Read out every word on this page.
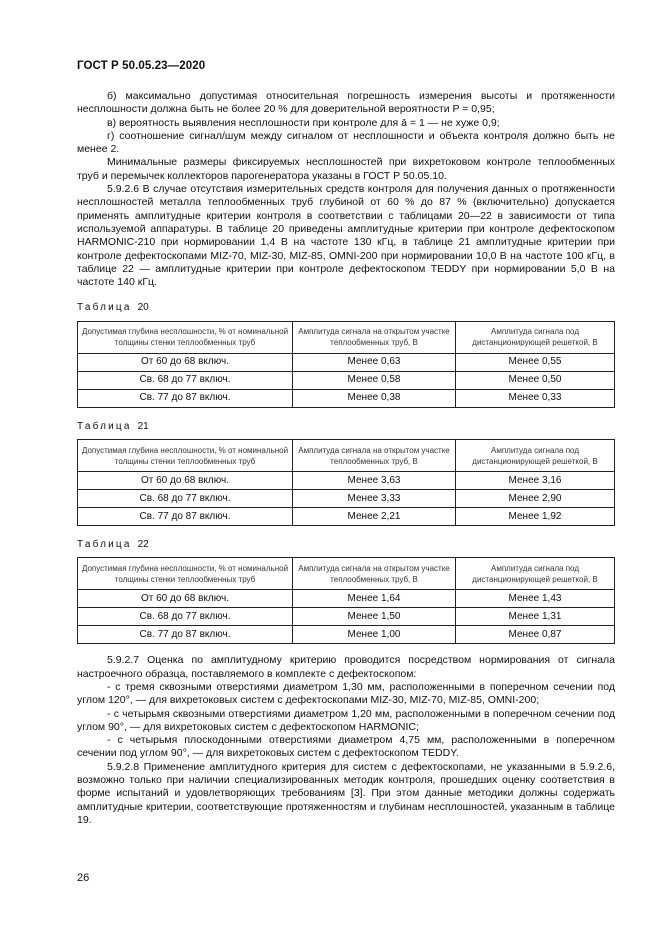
ГОСТ Р 50.05.23—2020

б) максимально допустимая относительная погрешность измерения высоты и протяженности несплошности должна быть не более 20 % для доверительной вероятности P = 0,95;

в) вероятность выявления несплошности при контроле для ā = 1 — не хуже 0,9;

г) соотношение сигнал/шум между сигналом от несплошности и объекта контроля должно быть не менее 2.

Минимальные размеры фиксируемых несплошностей при вихретоковом контроле теплообменных труб и перемычек коллекторов парогенератора указаны в ГОСТ Р 50.05.10.

5.9.2.6 В случае отсутствия измерительных средств контроля для получения данных о протяженности несплошностей металла теплообменных труб глубиной от 60 % до 87 % (включительно) допускается применять амплитудные критерии контроля в соответствии с таблицами 20—22 в зависимости от типа используемой аппаратуры. В таблице 20 приведены амплитудные критерии при контроле дефектоскопом HARMONIC-210 при нормировании 1,4 В на частоте 130 кГц, в таблице 21 амплитудные критерии при контроле дефектоскопами MIZ-70, MIZ-30, MIZ-85, OMNI-200 при нормировании 10,0 В на частоте 100 кГц, в таблице 22 — амплитудные критерии при контроле дефектоскопом TEDDY при нормировании 5,0 В на частоте 140 кГц.

Таблица 20
Допустимая глубина несплошности, % от номинальной толщины стенки теплообменных труб	Амплитуда сигнала на открытом участке теплообменных труб, В	Амплитуда сигнала под дистанционирующей решеткой, В
От 60 до 68 включ.	Менее 0,63	Менее 0,55
Св. 68 до 77 включ.	Менее 0,58	Менее 0,50
Св. 77 до 87 включ.	Менее 0,38	Менее 0,33
Таблица 21
Допустимая глубина несплошности, % от номинальной толщины стенки теплообменных труб	Амплитуда сигнала на открытом участке теплообменных труб, В	Амплитуда сигнала под дистанционирующей решеткой, В
От 60 до 68 включ.	Менее 3,63	Менее 3,16
Св. 68 до 77 включ.	Менее 3,33	Менее 2,90
Св. 77 до 87 включ.	Менее 2,21	Менее 1,92
Таблица 22
Допустимая глубина несплошности, % от номинальной толщины стенки теплообменных труб	Амплитуда сигнала на открытом участке теплообменных труб, В	Амплитуда сигнала под дистанционирующей решеткой, В
От 60 до 68 включ.	Менее 1,64	Менее 1,43
Св. 68 до 77 включ.	Менее 1,50	Менее 1,31
Св. 77 до 87 включ.	Менее 1,00	Менее 0,87

5.9.2.7 Оценка по амплитудному критерию проводится посредством нормирования от сигнала настроечного образца, поставляемого в комплекте с дефектоскопом:

- с тремя сквозными отверстиями диаметром 1,30 мм, расположенными в поперечном сечении под углом 120°, — для вихретоковых систем с дефектоскопами MIZ-30, MIZ-70, MIZ-85, OMNI-200;

- с четырьмя сквозными отверстиями диаметром 1,20 мм, расположенными в поперечном сечении под углом 90°, — для вихретоковых систем с дефектоскопом HARMONIC;

- с четырьмя плоскодонными отверстиями диаметром 4,75 мм, расположенными в поперечном сечении под углом 90°, — для вихретоковых систем с дефектоскопом TEDDY.

5.9.2.8 Применение амплитудного критерия для систем с дефектоскопами, не указанными в 5.9.2.6, возможно только при наличии специализированных методик контроля, прошедших оценку соответствия в форме испытаний и удовлетворяющих требованиям [3]. При этом данные методики должны содержать амплитудные критерии, соответствующие протяженностям и глубинам несплошностей, указанным в таблице 19.

26
